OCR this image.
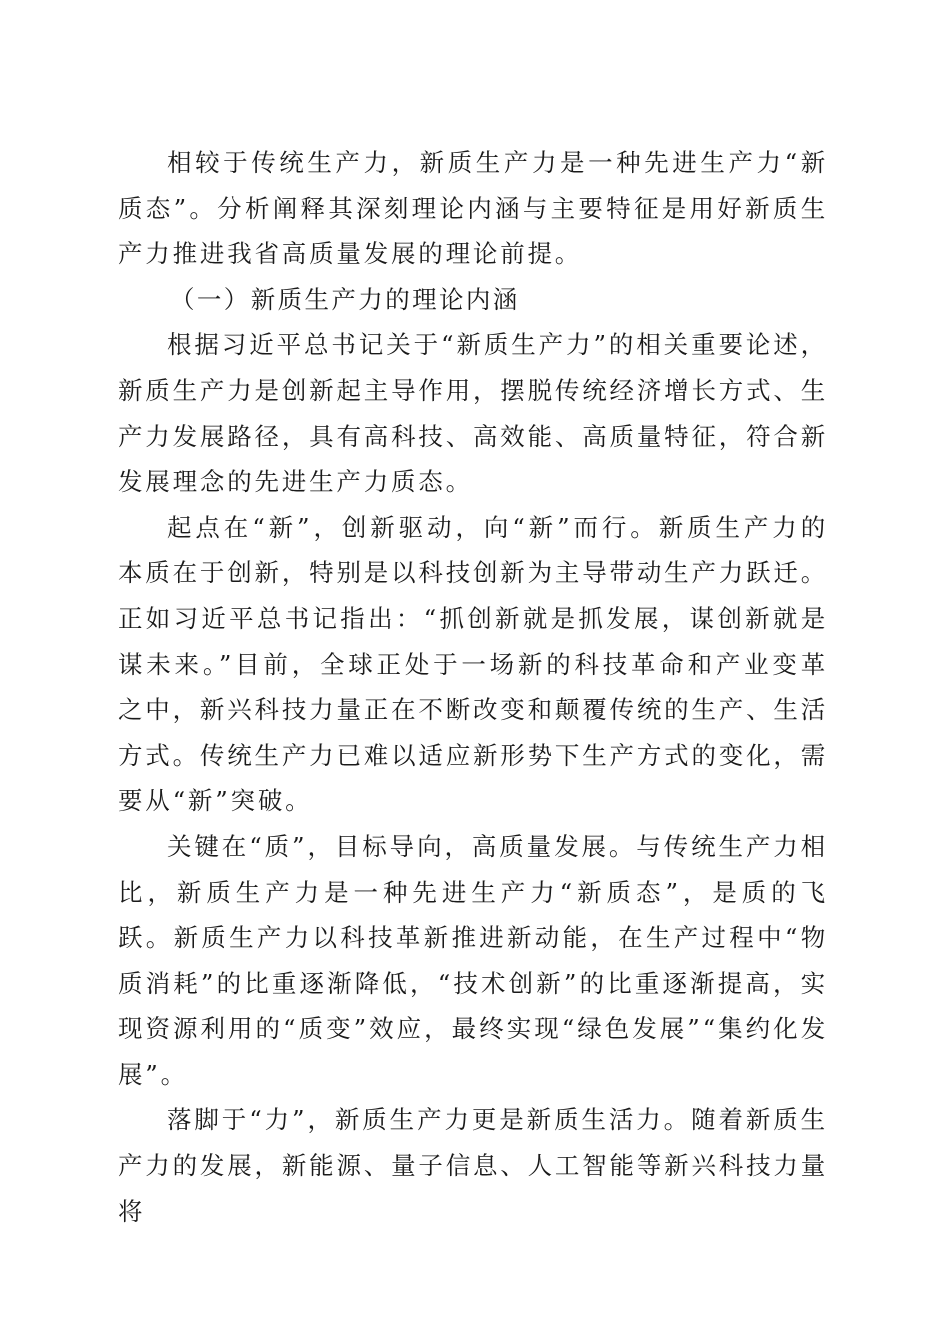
相较于传统生产力，新质生产力是一种先进生产力“新质态”。分析阐释其深刻理论内涵与主要特征是用好新质生产力推进我省高质量发展的理论前提。

（一）新质生产力的理论内涵

根据习近平总书记关于“新质生产力”的相关重要论述，新质生产力是创新起主导作用，摆脱传统经济增长方式、生产力发展路径，具有高科技、高效能、高质量特征，符合新发展理念的先进生产力质态。

起点在“新”，创新驱动，向“新”而行。新质生产力的本质在于创新，特别是以科技创新为主导带动生产力跃迁。正如习近平总书记指出：“抓创新就是抓发展，谋创新就是谋未来。”目前，全球正处于一场新的科技革命和产业变革之中，新兴科技力量正在不断改变和颠覆传统的生产、生活方式。传统生产力已难以适应新形势下生产方式的变化，需要从“新”突破。

关键在“质”，目标导向，高质量发展。与传统生产力相比，新质生产力是一种先进生产力“新质态”，是质的飞跃。新质生产力以科技革新推进新动能，在生产过程中“物质消耗”的比重逐渐降低，“技术创新”的比重逐渐提高，实现资源利用的“质变”效应，最终实现“绿色发展”“集约化发展”。

落脚于“力”，新质生产力更是新质生活力。随着新质生产力的发展，新能源、量子信息、人工智能等新兴科技力量将
